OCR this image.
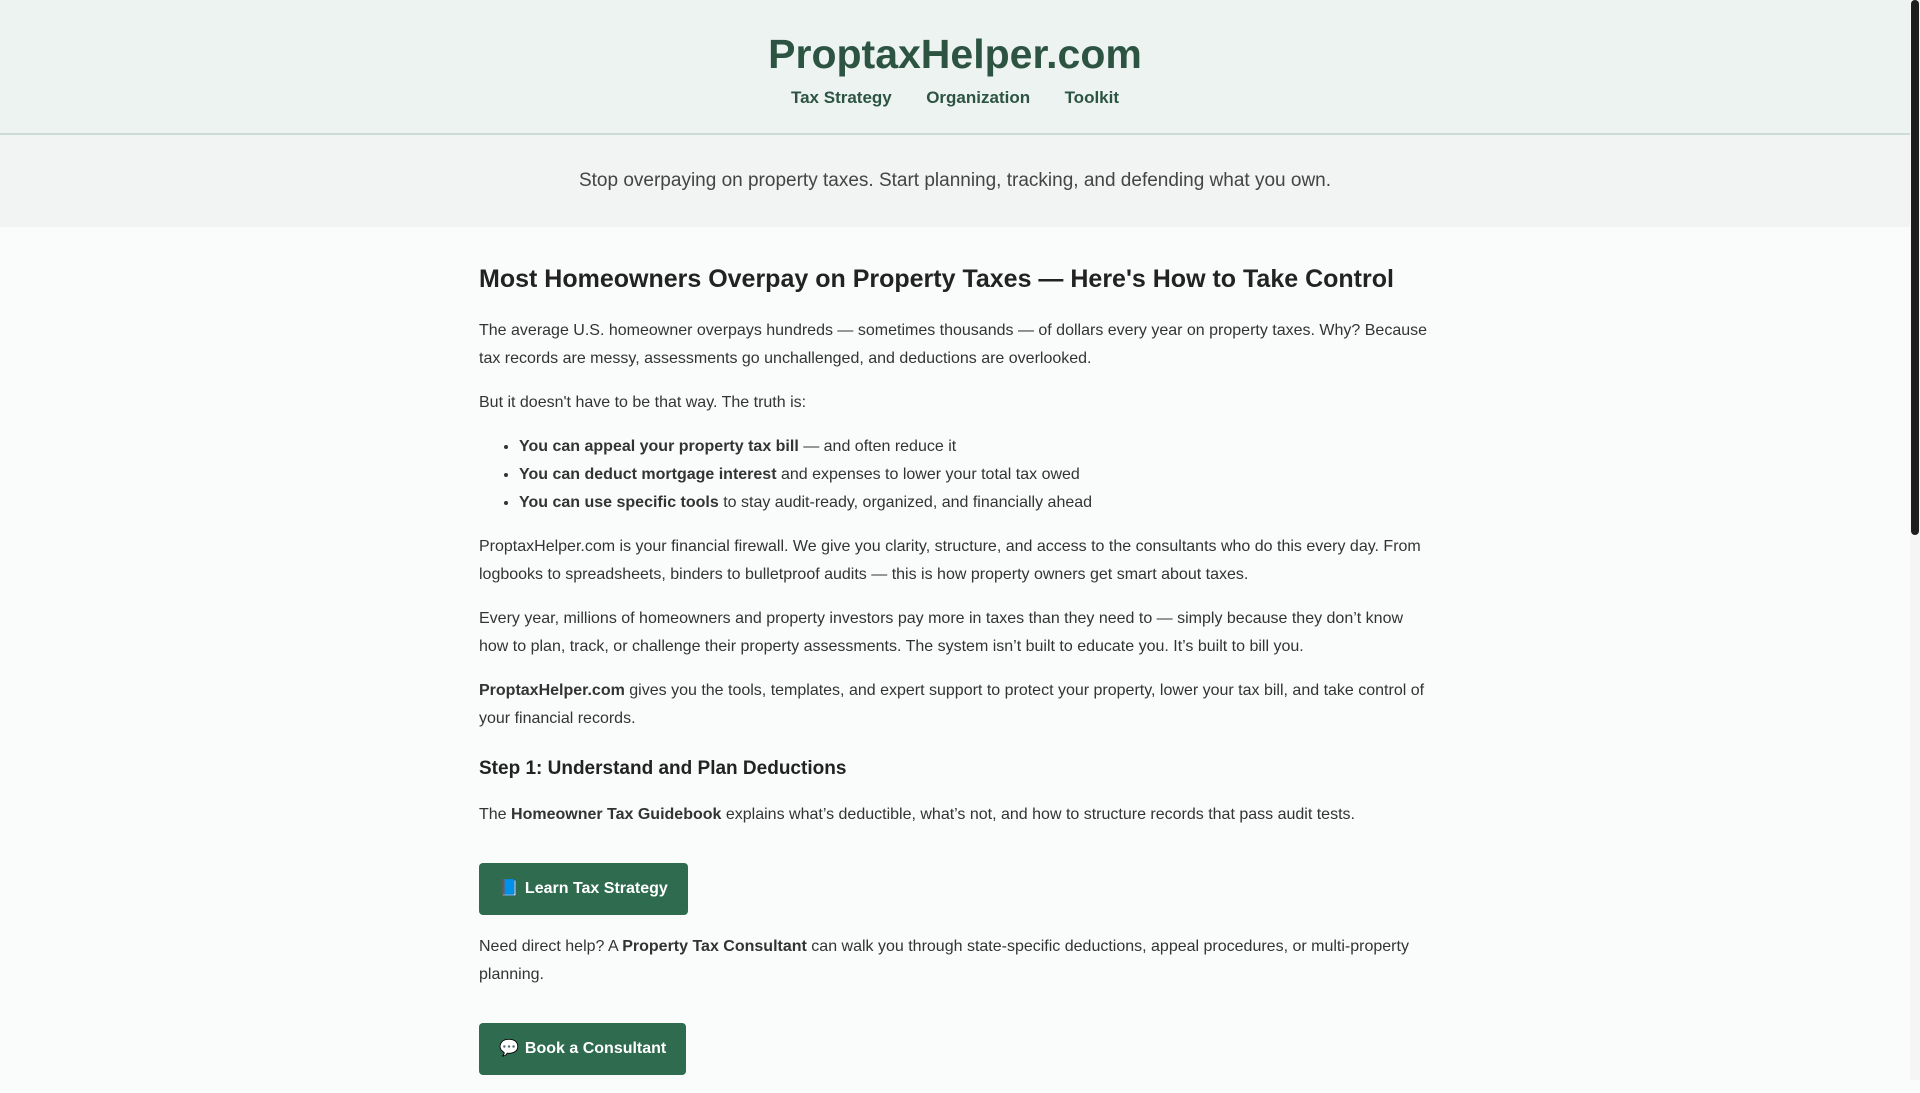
ProptaxHelper.com
Tax Strategy Organization Toolkit
Stop overpaying on property taxes. Start planning, tracking, and defending what you own.
Most Homeowners Overpay on Property Taxes — Here's How to Take Control

The average U.S. homeowner overpays hundreds — sometimes thousands — of dollars every year on property taxes. Why? Because tax records are messy, assessments go unchallenged, and deductions are overlooked.

But it doesn't have to be that way. The truth is:

• You can appeal your property tax bill — and often reduce it
• You can deduct mortgage interest and expenses to lower your total tax owed
• You can use specific tools to stay audit-ready, organized, and financially ahead

ProptaxHelper.com is your financial firewall. We give you clarity, structure, and access to the consultants who do this every day. From logbooks to spreadsheets, binders to bulletproof audits — this is how property owners get smart about taxes.

Every year, millions of homeowners and property investors pay more in taxes than they need to — simply because they don’t know how to plan, track, or challenge their property assessments. The system isn’t built to educate you. It’s built to bill you.

ProptaxHelper.com gives you the tools, templates, and expert support to protect your property, lower your tax bill, and take control of your financial records.

Step 1: Understand and Plan Deductions

The Homeowner Tax Guidebook explains what’s deductible, what’s not, and how to structure records that pass audit tests.

📘 Learn Tax Strategy

Need direct help? A Property Tax Consultant can walk you through state-specific deductions, appeal procedures, or multi-property planning.

💬 Book a Consultant
